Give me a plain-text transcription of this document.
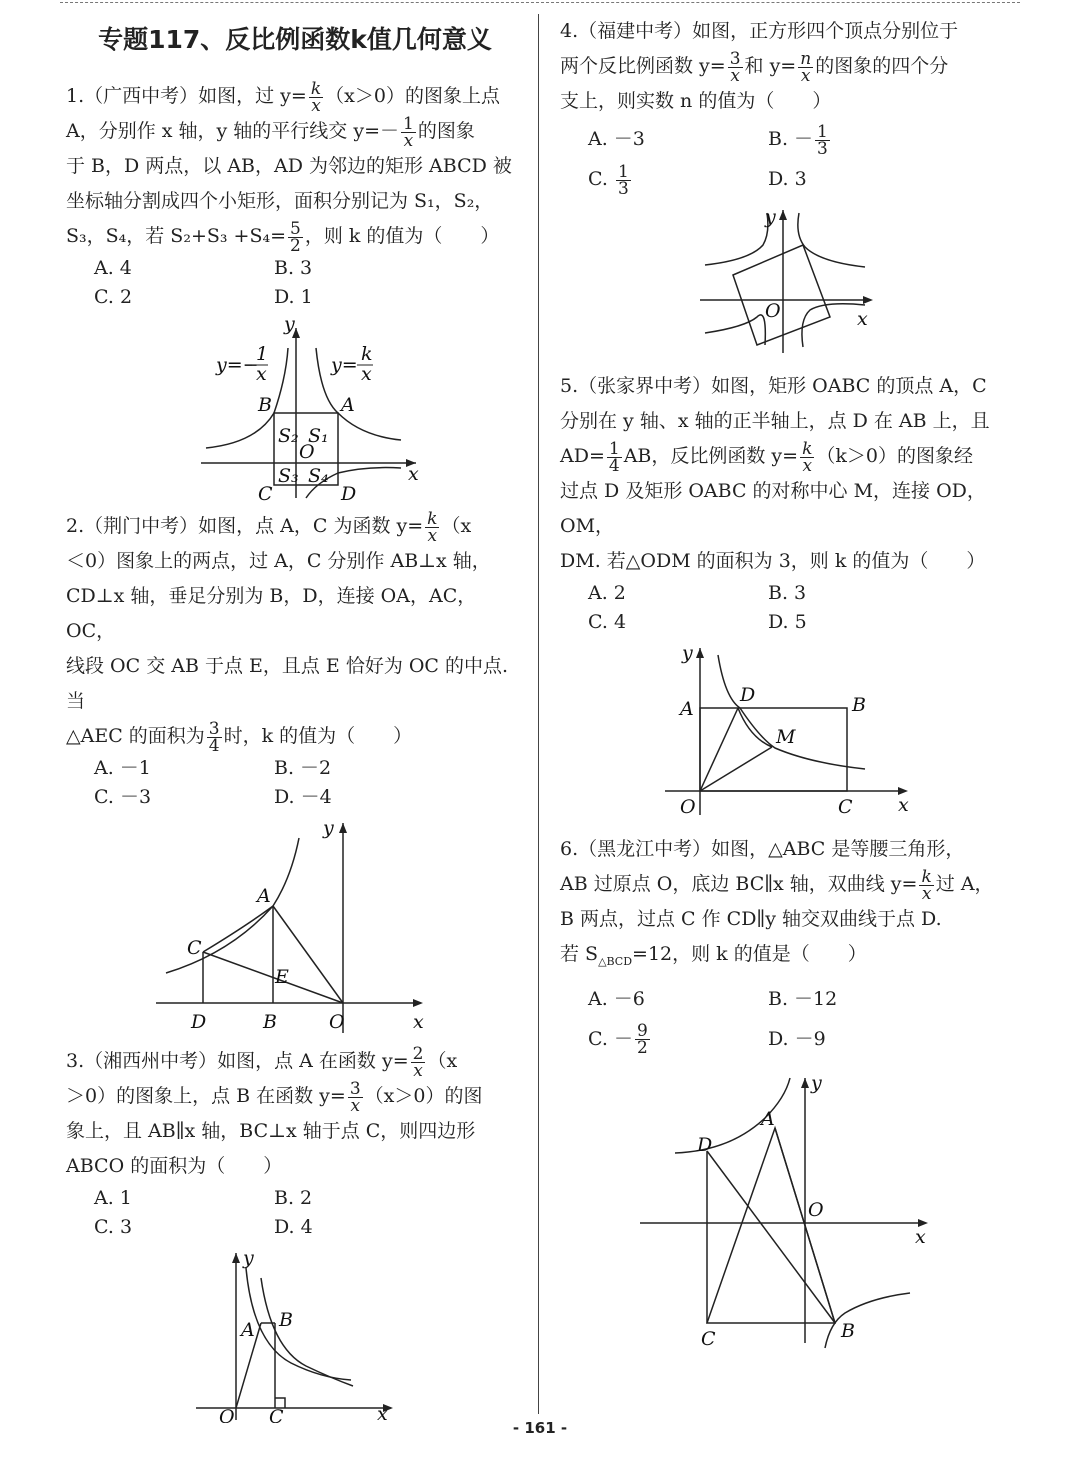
专题117、反比例函数k值几何意义

1.（广西中考）如图，过 $y= \frac{k}{x} (x>0)$的图象上点

A，分别作 x 轴，y 轴的平行线交 $y=- \frac{1}{x}$ 的图象

于 B，D 两点，以 AB，AD 为邻边的矩形 ABCD 被

坐标轴分割成四个小矩形，面积分别记为 S₁，S₂，

S₃，S₄，若 $S_2+S_3 +S_4= \frac{5}{2}$ ，则 k 的值为（　　）

A. 4	B. 3
C. 2	D. 1
y
x
y=−
1
x	y= k
x
B	A
C	D
O
S₂ S₁
S₃ S₄

2.（荆门中考）如图，点 A，C 为函数 $y= \frac{k}{x} (x$

＜0）图象上的两点，过 A，C 分别作 AB⊥x 轴，

CD⊥x 轴，垂足分别为 B，D，连接 OA，AC，OC，

线段 OC 交 AB 于点 E，且点 E 恰好为 OC 的中点.当

△AEC 的面积为 $\frac{3}{4}$ 时，k 的值为（　　）

A. －1	B. －2
C. －3	D. －4
y
x
A
C
E
D	B	O

3.（湘西州中考）如图，点 A 在函数 $y= \frac{2}{x} (x$

＞0）的图象上，点 B 在函数 $y= \frac{3}{x} (x>0)$的图

象上，且 AB∥x 轴，BC⊥x 轴于点 C，则四边形

ABCO 的面积为（　　）

A. 1	B. 2
C. 3	D. 4
y
x
A B
C
O

4.（福建中考）如图，正方形四个顶点分别位于

两个反比例函数 $y= \frac{3}{x}$ 和 $y= \frac{n}{x}$ 的图象的四个分

支上，则实数 n 的值为（　　）

A. －3	B. － $\frac{1}{3}$
C. $\frac{1}{3}$	D. 3
y
x
O

5.（张家界中考）如图，矩形 OABC 的顶点 A，C

分别在 y 轴、x 轴的正半轴上，点 D 在 AB 上，且

$AD= \frac{1}{4}$ AB，反比例函数 $y= \frac{k}{x} (k>0)$的图象经

过点 D 及矩形 OABC 的对称中心 M，连接 OD，OM，

DM. 若△ODM 的面积为 3，则 k 的值为（　　）

A. 2	B. 3
C. 4	D. 5
y
x
A
D	B
M
O	C

6.（黑龙江中考）如图，△ABC 是等腰三角形，

AB 过原点 O，底边 BC∥x 轴，双曲线 $y= \frac{k}{x}$ 过 A，

B 两点，过点 C 作 CD∥y 轴交双曲线于点 D.

若 $S_{\triangle BCD}=12$，则 k 的值是（　　）

A. －6	B. －12
C. － $\frac{9}{2}$	D. －9
y
x
A
D
O
C	B
- 161 -
